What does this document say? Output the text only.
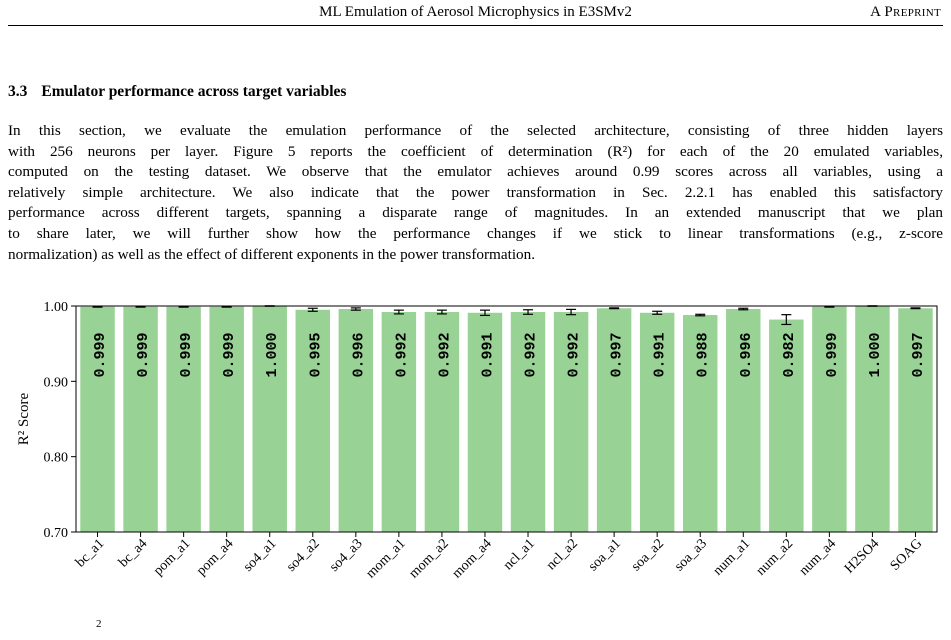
ML Emulation of Aerosol Microphysics in E3SMv2	A Preprint
3.3 Emulator performance across target variables
In this section, we evaluate the emulation performance of the selected architecture, consisting of three hidden layers
with 256 neurons per layer. Figure 5 reports the coefficient of determination (R²) for each of the 20 emulated variables,
computed on the testing dataset. We observe that the emulator achieves around 0.99 scores across all variables, using a
relatively simple architecture. We also indicate that the power transformation in Sec. 2.2.1 has enabled this satisfactory
performance across different targets, spanning a disparate range of magnitudes. In an extended manuscript that we plan
to share later, we will further show how the performance changes if we stick to linear transformations (e.g., z-score
normalization) as well as the effect of different exponents in the power transformation.
0.70
0.80
0.90
1.00
0.999
bc_a1
0.999
bc_a4
0.999
pom_a1
0.999
pom_a4
1.000
so4_a1
0.995
so4_a2
0.996
so4_a3
0.992
mom_a1
0.992
mom_a2
0.991
mom_a4
0.992
ncl_a1
0.992
ncl_a2
0.997
soa_a1
0.991
soa_a2
0.988
soa_a3
0.996
num_a1
0.982
num_a2
0.999
num_a4
1.000
H2SO4
0.997
SOAG
R² Score
2
